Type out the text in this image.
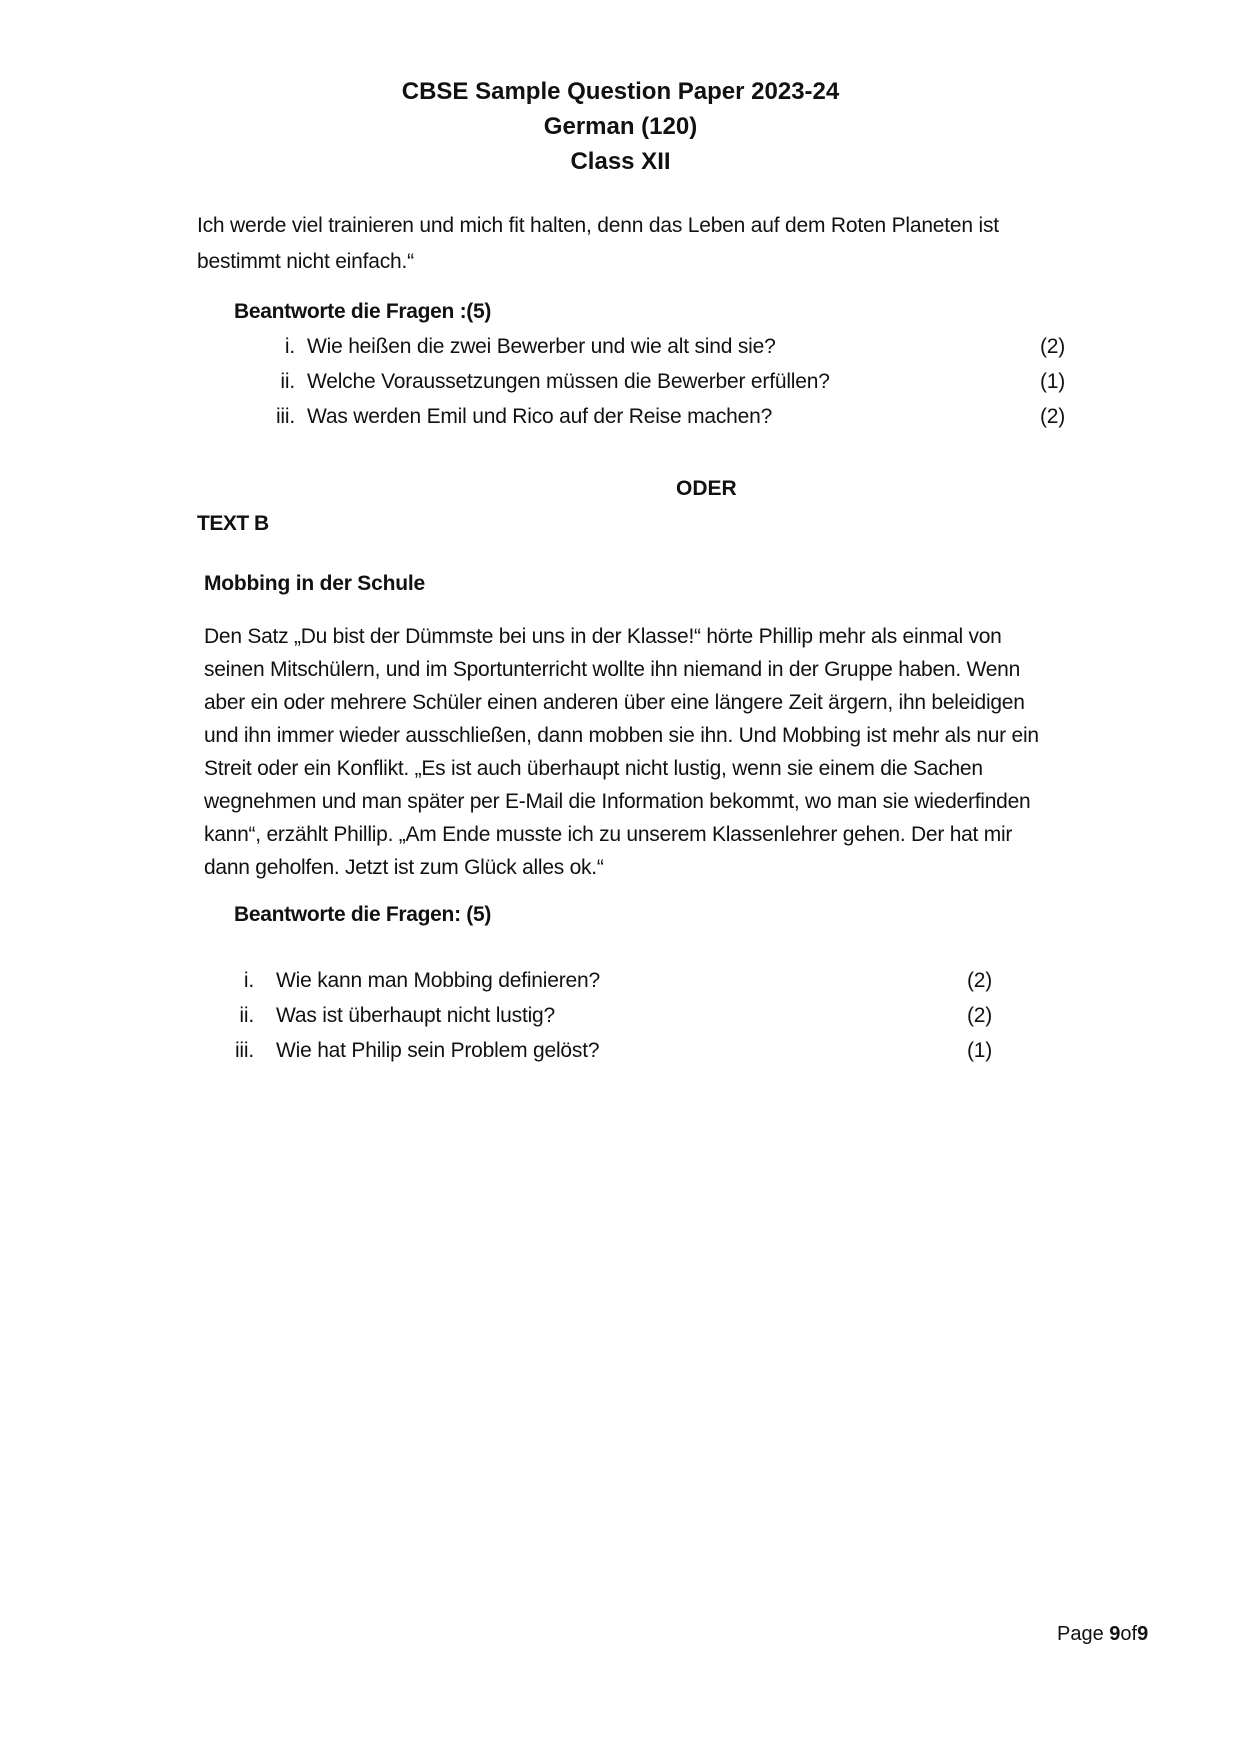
CBSE Sample Question Paper 2023-24
German (120)
Class XII
Ich werde viel trainieren und mich fit halten, denn das Leben auf dem Roten Planeten ist
bestimmt nicht einfach.“
Beantworte die Fragen :(5)
i. Wie heißen die zwei Bewerber und wie alt sind sie?	(2)
ii. Welche Voraussetzungen müssen die Bewerber erfüllen?	(1)
iii. Was werden Emil und Rico auf der Reise machen?	(2)
ODER
TEXT B
Mobbing in der Schule
Den Satz „Du bist der Dümmste bei uns in der Klasse!“ hörte Phillip mehr als einmal von
seinen Mitschülern, und im Sportunterricht wollte ihn niemand in der Gruppe haben. Wenn
aber ein oder mehrere Schüler einen anderen über eine längere Zeit ärgern, ihn beleidigen
und ihn immer wieder ausschließen, dann mobben sie ihn. Und Mobbing ist mehr als nur ein
Streit oder ein Konflikt. „Es ist auch überhaupt nicht lustig, wenn sie einem die Sachen
wegnehmen und man später per E-Mail die Information bekommt, wo man sie wiederfinden
kann“, erzählt Phillip. „Am Ende musste ich zu unserem Klassenlehrer gehen. Der hat mir
dann geholfen. Jetzt ist zum Glück alles ok.“
Beantworte die Fragen: (5)
i. Wie kann man Mobbing definieren?	(2)
ii. Was ist überhaupt nicht lustig?	(2)
iii. Wie hat Philip sein Problem gelöst?	(1)
Page 9of9
